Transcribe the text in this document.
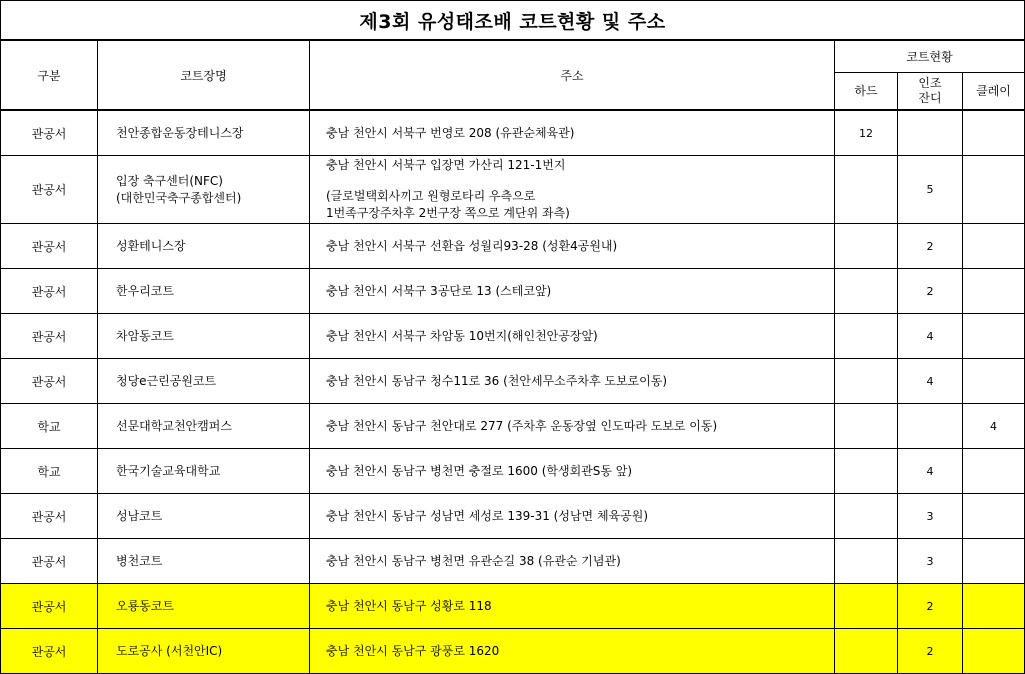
제3회 유성태조배 코트현황 및 주소
구분	코트장명	주소	코트현황		
			하드	인조잔디	클레이
관공서	천안종합운동장테니스장	충남 천안시 서북구 번영로 208 (유관순체육관)	12		
관공서	입장 축구센터(NFC)
(대한민국축구종합센터)	충남 천안시 서북구 입장면 가산리 121-1번지
(글로벌택회사끼고 원형로타리 우측으로
1번족구장주차후 2번구장 쪽으로 계단위 좌측)		5	
관공서	성환테니스장	충남 천안시 서북구 선환읍 성월리93-28 (성환4공원내)		2	
관공서	한우리코트	충남 천안시 서북구 3공단로 13 (스테코앞)		2	
관공서	차암동코트	충남 천안시 서북구 차암동 10번지(해인천안공장앞)		4	
관공서	청당e근린공원코트	충남 천안시 동남구 청수11로 36 (천안세무소주차후 도보로이동)		4	
학교	선문대학교천안캠퍼스	충남 천안시 동남구 천안대로 277 (주차후 운동장옆 인도따라 도보로 이동)			4
학교	한국기술교육대학교	충남 천안시 동남구 병천면 충절로 1600 (학생회관S동 앞)		4	
관공서	성남코트	충남 천안시 동남구 성남면 세성로 139-31 (성남면 체육공원)		3	
관공서	병천코트	충남 천안시 동남구 병천면 유관순길 38 (유관순 기념관)		3	
관공서	오룡동코트	충남 천안시 동남구 성황로 118		2	
관공서	도로공사 (서천안IC)	충남 천안시 동남구 광풍로 1620		2	
